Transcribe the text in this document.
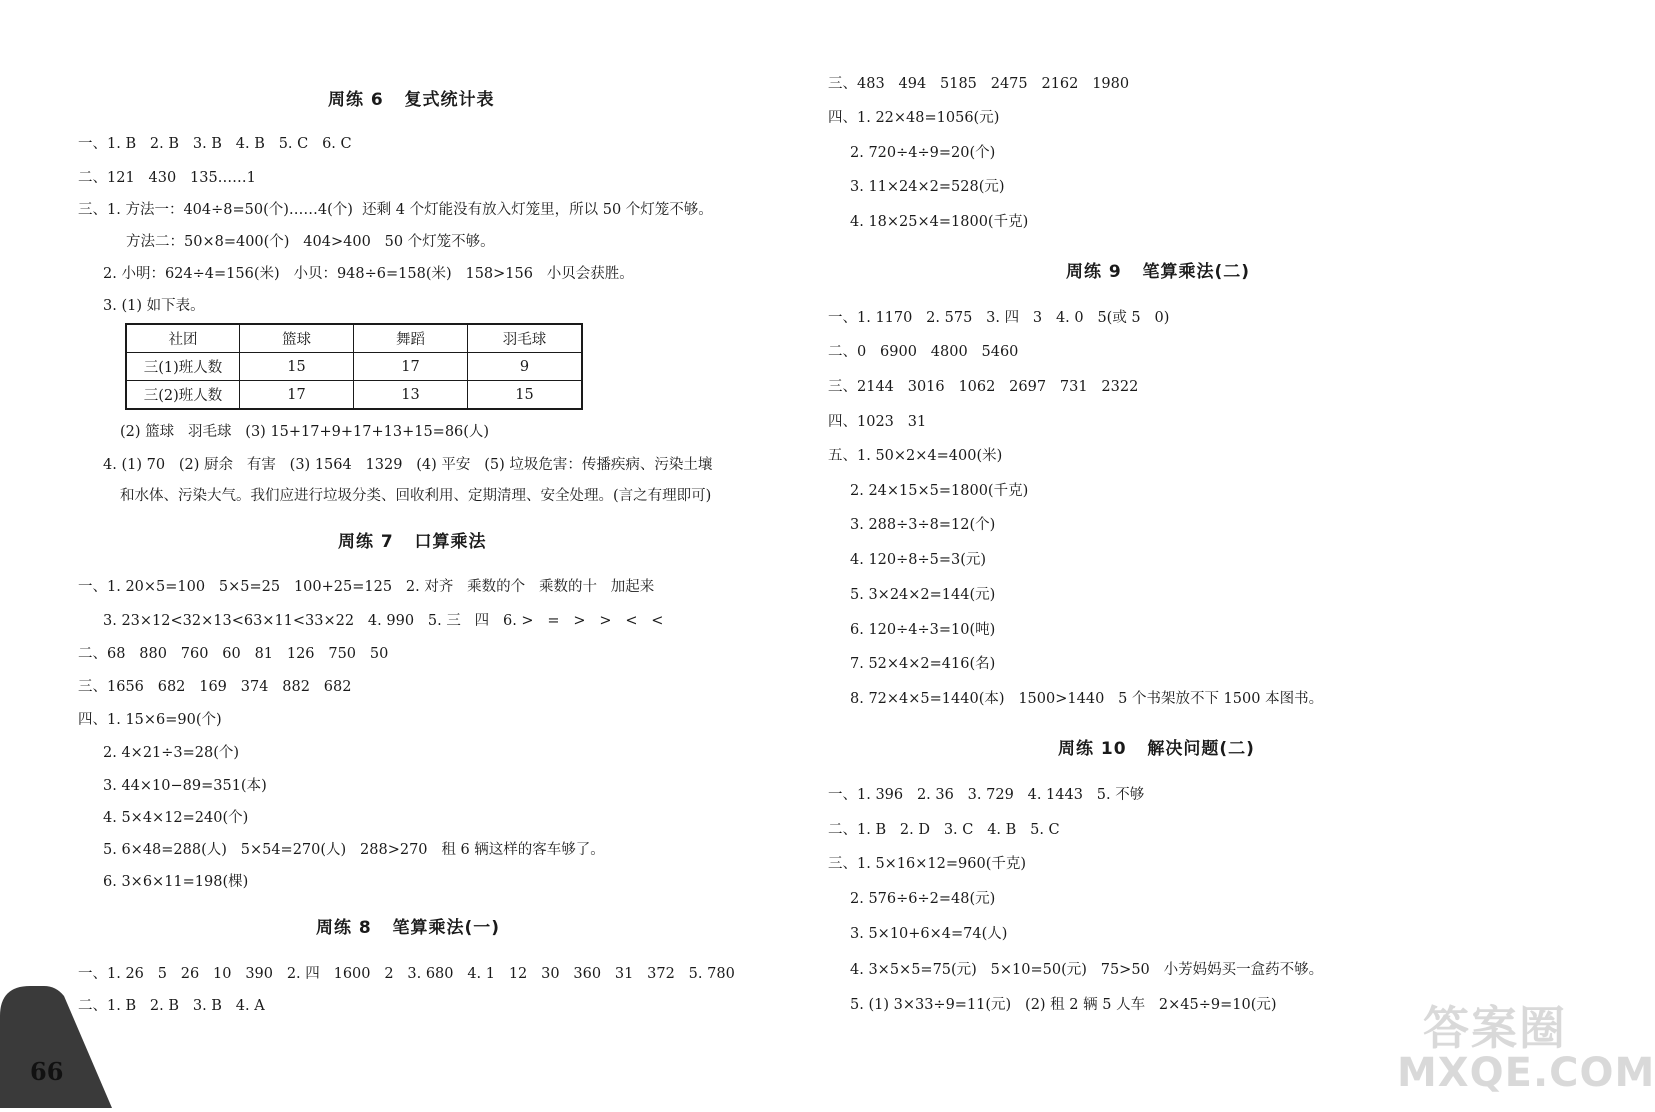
周练 6   复式统计表
一、1. B   2. B   3. B   4. B   5. C   6. C
二、121   430   135……1
三、1. 方法一：404÷8=50(个)……4(个)  还剩 4 个灯能没有放入灯笼里，所以 50 个灯笼不够。
方法二：50×8=400(个)   404>400   50 个灯笼不够。
2. 小明：624÷4=156(米)   小贝：948÷6=158(米)   158>156   小贝会获胜。
3. (1) 如下表。
社团	篮球	舞蹈	羽毛球
三(1)班人数	15	17	9
三(2)班人数	17	13	15
(2) 篮球   羽毛球   (3) 15+17+9+17+13+15=86(人)
4. (1) 70   (2) 厨余   有害   (3) 1564   1329   (4) 平安   (5) 垃圾危害：传播疾病、污染土壤
和水体、污染大气。我们应进行垃圾分类、回收利用、定期清理、安全处理。(言之有理即可)
周练 7   口算乘法
一、1. 20×5=100   5×5=25   100+25=125   2. 对齐   乘数的个   乘数的十   加起来
3. 23×12<32×13<63×11<33×22   4. 990   5. 三   四   6. >   =   >   >   <   <
二、68   880   760   60   81   126   750   50
三、1656   682   169   374   882   682
四、1. 15×6=90(个)
2. 4×21÷3=28(个)
3. 44×10−89=351(本)
4. 5×4×12=240(个)
5. 6×48=288(人)   5×54=270(人)   288>270   租 6 辆这样的客车够了。
6. 3×6×11=198(棵)
周练 8   笔算乘法(一)
一、1. 26   5   26   10   390   2. 四   1600   2   3. 680   4. 1   12   30   360   31   372   5. 780
二、1. B   2. B   3. B   4. A
66
三、483   494   5185   2475   2162   1980
四、1. 22×48=1056(元)
2. 720÷4÷9=20(个)
3. 11×24×2=528(元)
4. 18×25×4=1800(千克)
周练 9   笔算乘法(二)
一、1. 1170   2. 575   3. 四   3   4. 0   5(或 5   0)
二、0   6900   4800   5460
三、2144   3016   1062   2697   731   2322
四、1023   31
五、1. 50×2×4=400(米)
2. 24×15×5=1800(千克)
3. 288÷3÷8=12(个)
4. 120÷8÷5=3(元)
5. 3×24×2=144(元)
6. 120÷4÷3=10(吨)
7. 52×4×2=416(名)
8. 72×4×5=1440(本)   1500>1440   5 个书架放不下 1500 本图书。
周练 10   解决问题(二)
一、1. 396   2. 36   3. 729   4. 1443   5. 不够
二、1. B   2. D   3. C   4. B   5. C
三、1. 5×16×12=960(千克)
2. 576÷6÷2=48(元)
3. 5×10+6×4=74(人)
4. 3×5×5=75(元)   5×10=50(元)   75>50   小芳妈妈买一盒药不够。
5. (1) 3×33÷9=11(元)   (2) 租 2 辆 5 人车   2×45÷9=10(元)	答案圈
MXQE.COM
